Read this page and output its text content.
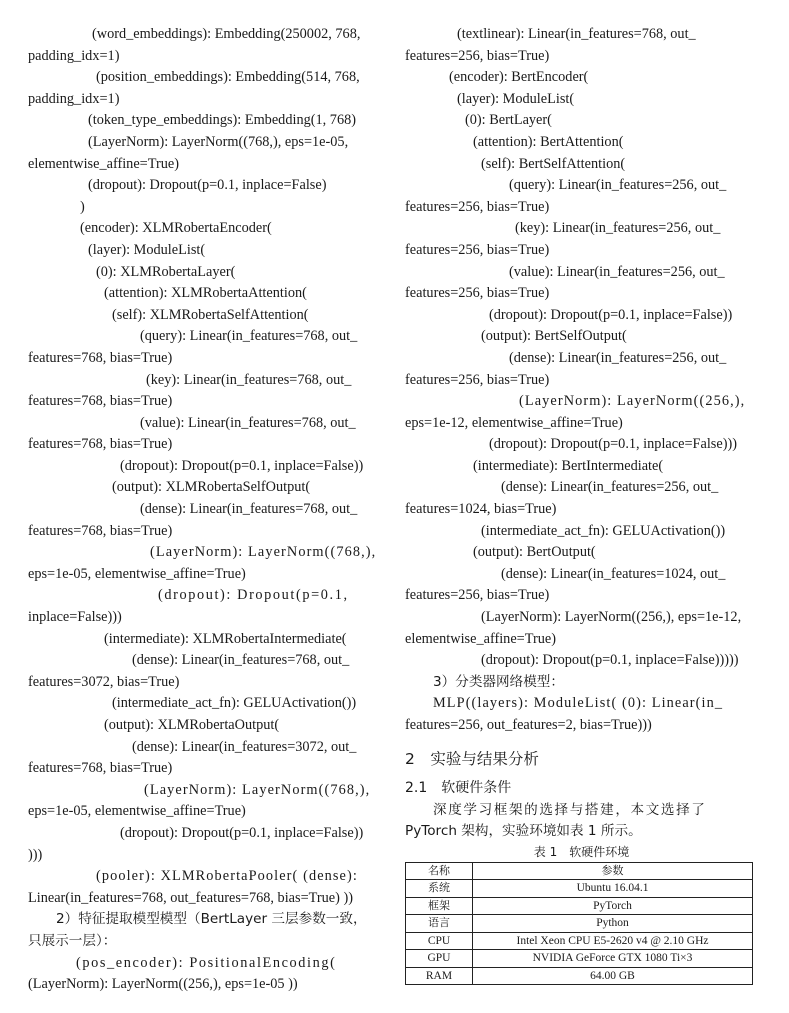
(word_embeddings): Embedding(250002, 768,
padding_idx=1)
(position_embeddings): Embedding(514, 768,
padding_idx=1)
(token_type_embeddings): Embedding(1, 768)
(LayerNorm): LayerNorm((768,), eps=1e-05,
elementwise_affine=True)
(dropout): Dropout(p=0.1, inplace=False)
)
(encoder): XLMRobertaEncoder(
(layer): ModuleList(
(0): XLMRobertaLayer(
(attention): XLMRobertaAttention(
(self): XLMRobertaSelfAttention(
(query): Linear(in_features=768, out_
features=768, bias=True)
(key): Linear(in_features=768, out_
features=768, bias=True)
(value): Linear(in_features=768, out_
features=768, bias=True)
(dropout): Dropout(p=0.1, inplace=False))
(output): XLMRobertaSelfOutput(
(dense): Linear(in_features=768, out_
features=768, bias=True)
(LayerNorm): LayerNorm((768,),
eps=1e-05, elementwise_affine=True)
(dropout): Dropout(p=0.1,
inplace=False)))
(intermediate): XLMRobertaIntermediate(
(dense): Linear(in_features=768, out_
features=3072, bias=True)
(intermediate_act_fn): GELUActivation())
(output): XLMRobertaOutput(
(dense): Linear(in_features=3072, out_
features=768, bias=True)
(LayerNorm): LayerNorm((768,),
eps=1e-05, elementwise_affine=True)
(dropout): Dropout(p=0.1, inplace=False))
)))
(pooler): XLMRobertaPooler( (dense):
Linear(in_features=768, out_features=768, bias=True) ))
2）特征提取模型模型（BertLayer 三层参数一致，
只展示一层）：
(pos_encoder): PositionalEncoding(
(LayerNorm): LayerNorm((256,), eps=1e-05 ))
(textlinear): Linear(in_features=768, out_
features=256, bias=True)
(encoder): BertEncoder(
(layer): ModuleList(
(0): BertLayer(
(attention): BertAttention(
(self): BertSelfAttention(
(query): Linear(in_features=256, out_
features=256, bias=True)
(key): Linear(in_features=256, out_
features=256, bias=True)
(value): Linear(in_features=256, out_
features=256, bias=True)
(dropout): Dropout(p=0.1, inplace=False))
(output): BertSelfOutput(
(dense): Linear(in_features=256, out_
features=256, bias=True)
(LayerNorm): LayerNorm((256,),
eps=1e-12, elementwise_affine=True)
(dropout): Dropout(p=0.1, inplace=False)))
(intermediate): BertIntermediate(
(dense): Linear(in_features=256, out_
features=1024, bias=True)
(intermediate_act_fn): GELUActivation())
(output): BertOutput(
(dense): Linear(in_features=1024, out_
features=256, bias=True)
(LayerNorm): LayerNorm((256,), eps=1e-12,
elementwise_affine=True)
(dropout): Dropout(p=0.1, inplace=False)))))
3）分类器网络模型：
MLP((layers): ModuleList( (0): Linear(in_
features=256, out_features=2, bias=True)))
2　实验与结果分析
2.1　软硬件条件
深度学习框架的选择与搭建，本文选择了
PyTorch 架构，实验环境如表 1 所示。
表 1　软硬件环境
名称	参数
系统	Ubuntu 16.04.1
框架	PyTorch
语言	Python
CPU	Intel Xeon CPU E5-2620 v4 @ 2.10 GHz
GPU	NVIDIA GeForce GTX 1080 Ti×3
RAM	64.00 GB
